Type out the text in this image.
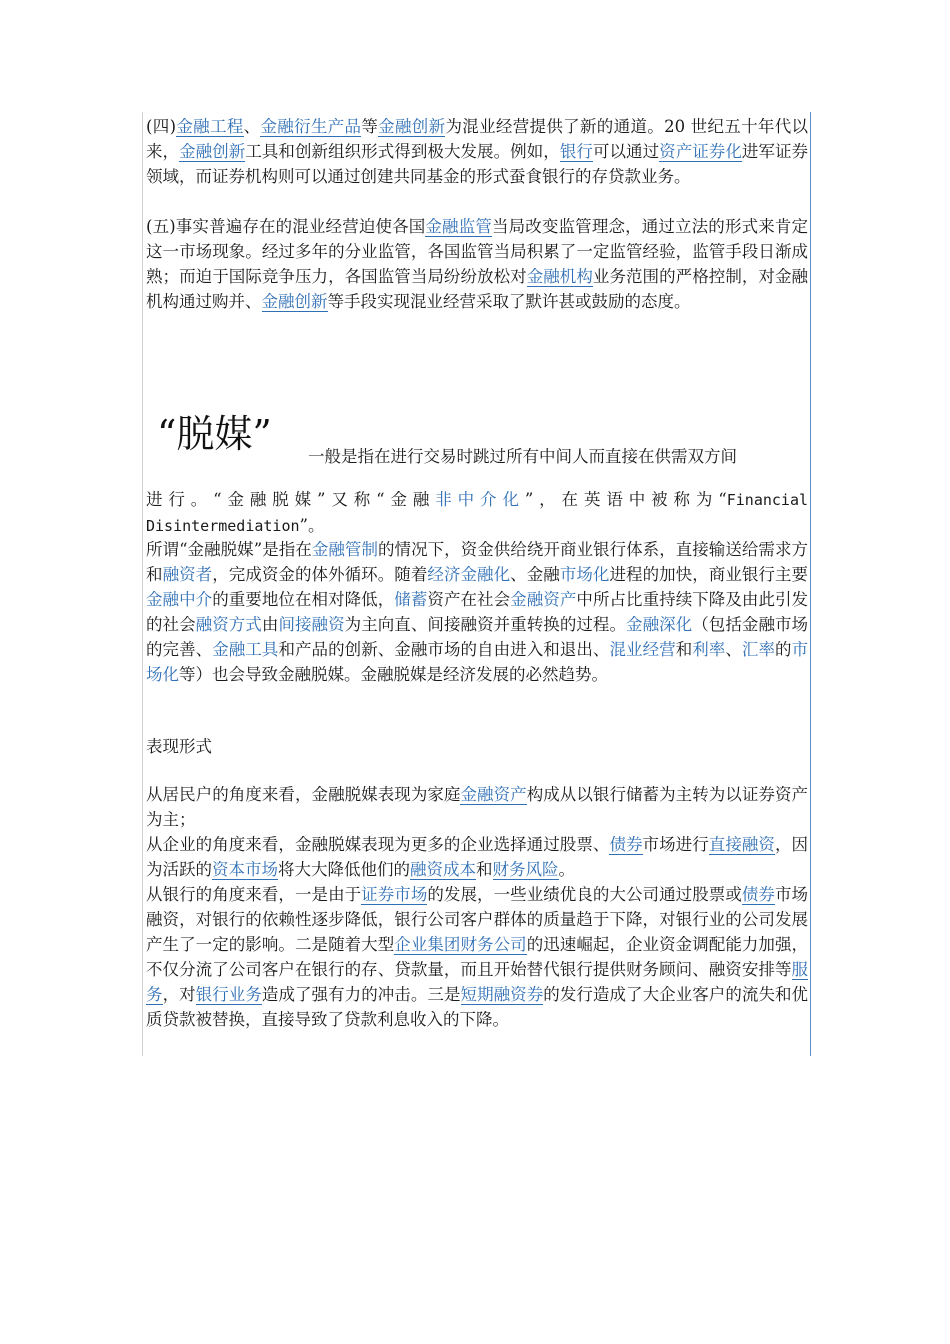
(四)金融工程、金融衍生产品等金融创新为混业经营提供了新的通道。20 世纪五十年代以来，金融创新工具和创新组织形式得到极大发展。例如，银行可以通过资产证券化进军证券领域，而证券机构则可以通过创建共同基金的形式蚕食银行的存贷款业务。

(五)事实普遍存在的混业经营迫使各国金融监管当局改变监管理念，通过立法的形式来肯定这一市场现象。经过多年的分业监管，各国监管当局积累了一定监管经验，监管手段日渐成熟；而迫于国际竞争压力，各国监管当局纷纷放松对金融机构业务范围的严格控制，对金融机构通过购并、金融创新等手段实现混业经营采取了默许甚或鼓励的态度。

“脱媒”
一般是指在进行交易时跳过所有中间人而直接在供需双方间

进行。“金融脱媒”又称“金融非中介化”，在英语中被称为“Financial Disintermediation”。

所谓“金融脱媒”是指在金融管制的情况下，资金供给绕开商业银行体系，直接输送给需求方和融资者，完成资金的体外循环。随着经济金融化、金融市场化进程的加快，商业银行主要金融中介的重要地位在相对降低，储蓄资产在社会金融资产中所占比重持续下降及由此引发的社会融资方式由间接融资为主向直、间接融资并重转换的过程。金融深化（包括金融市场的完善、金融工具和产品的创新、金融市场的自由进入和退出、混业经营和利率、汇率的市场化等）也会导致金融脱媒。金融脱媒是经济发展的必然趋势。

表现形式

从居民户的角度来看，金融脱媒表现为家庭金融资产构成从以银行储蓄为主转为以证券资产为主；

从企业的角度来看，金融脱媒表现为更多的企业选择通过股票、债券市场进行直接融资，因为活跃的资本市场将大大降低他们的融资成本和财务风险。

从银行的角度来看，一是由于证券市场的发展，一些业绩优良的大公司通过股票或债券市场融资，对银行的依赖性逐步降低，银行公司客户群体的质量趋于下降，对银行业的公司发展产生了一定的影响。二是随着大型企业集团财务公司的迅速崛起，企业资金调配能力加强，不仅分流了公司客户在银行的存、贷款量，而且开始替代银行提供财务顾问、融资安排等服务，对银行业务造成了强有力的冲击。三是短期融资券的发行造成了大企业客户的流失和优质贷款被替换，直接导致了贷款利息收入的下降。
